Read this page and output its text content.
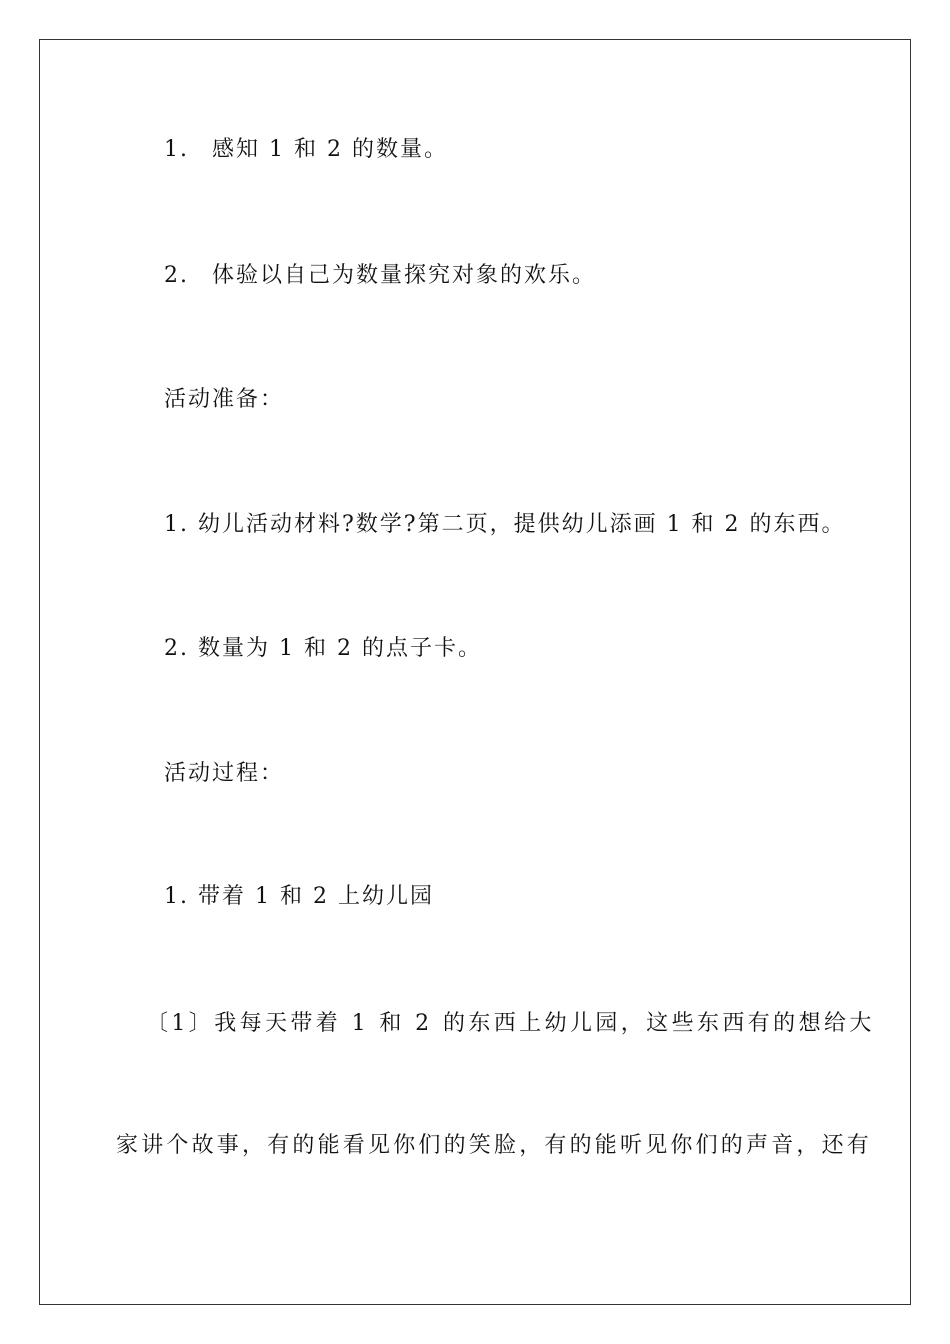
1. 感知 1 和 2 的数量。
2. 体验以自己为数量探究对象的欢乐。
活动准备：
1. 幼儿活动材料?数学?第二页，提供幼儿添画 1 和 2 的东西。
2. 数量为 1 和 2 的点子卡。
活动过程：
1. 带着 1 和 2 上幼儿园
〔1〕我每天带着 1 和 2 的东西上幼儿园，这些东西有的想给大
家讲个故事，有的能看见你们的笑脸，有的能听见你们的声音，还有
